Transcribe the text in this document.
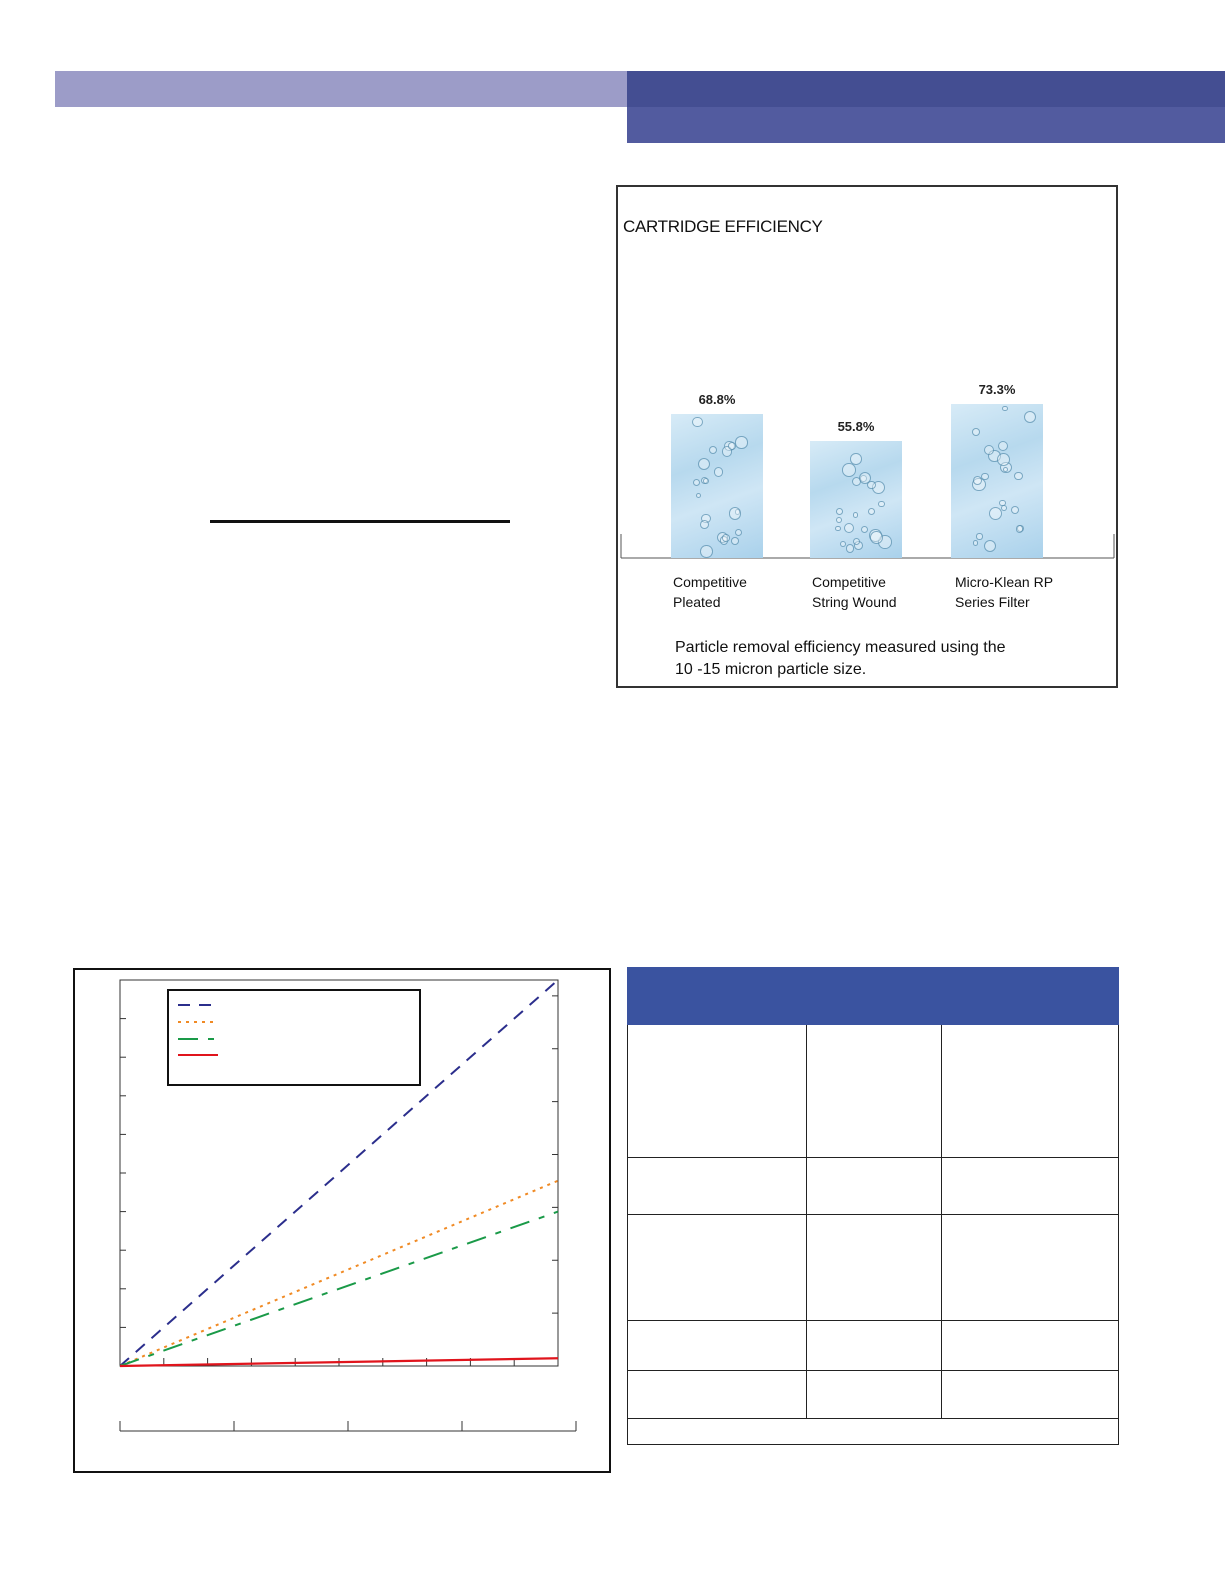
CARTRIDGE EFFICIENCY
68.8%
Competitive
Pleated
55.8%
Competitive
String Wound
73.3%
Micro-Klean RP
Series Filter
Particle removal efficiency measured using the
10 -15 micron particle size.
